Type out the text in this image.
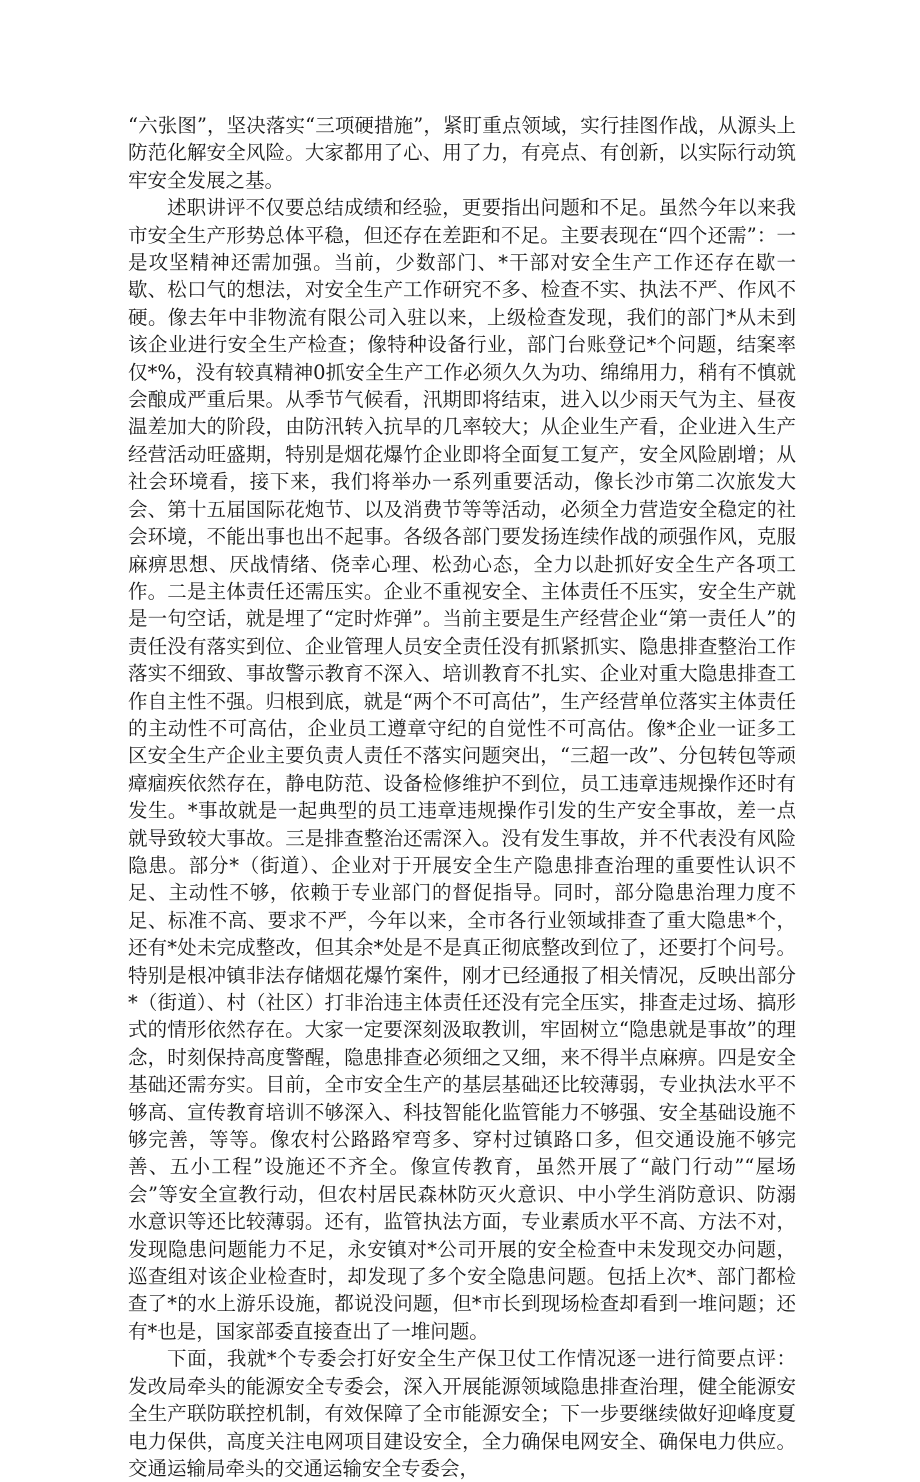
“六张图”，坚决落实“三项硬措施”，紧盯重点领域，实行挂图作战，从源头上防范化解安全风险。大家都用了心、用了力，有亮点、有创新，以实际行动筑牢安全发展之基。

述职讲评不仅要总结成绩和经验，更要指出问题和不足。虽然今年以来我市安全生产形势总体平稳，但还存在差距和不足。主要表现在“四个还需”：一是攻坚精神还需加强。当前，少数部门、*干部对安全生产工作还存在歇一歇、松口气的想法，对安全生产工作研究不多、检查不实、执法不严、作风不硬。像去年中非物流有限公司入驻以来，上级检查发现，我们的部门*从未到该企业进行安全生产检查；像特种设备行业，部门台账登记*个问题，结案率仅*%，没有较真精神0抓安全生产工作必须久久为功、绵绵用力，稍有不慎就会酿成严重后果。从季节气候看，汛期即将结束，进入以少雨天气为主、昼夜温差加大的阶段，由防汛转入抗旱的几率较大；从企业生产看，企业进入生产经营活动旺盛期，特别是烟花爆竹企业即将全面复工复产，安全风险剧增；从社会环境看，接下来，我们将举办一系列重要活动，像长沙市第二次旅发大会、第十五届国际花炮节、以及消费节等等活动，必须全力营造安全稳定的社会环境，不能出事也出不起事。各级各部门要发扬连续作战的顽强作风，克服麻痹思想、厌战情绪、侥幸心理、松劲心态，全力以赴抓好安全生产各项工作。二是主体责任还需压实。企业不重视安全、主体责任不压实，安全生产就是一句空话，就是埋了“定时炸弹”。当前主要是生产经营企业“第一责任人”的责任没有落实到位、企业管理人员安全责任没有抓紧抓实、隐患排查整治工作落实不细致、事故警示教育不深入、培训教育不扎实、企业对重大隐患排查工作自主性不强。归根到底，就是“两个不可高估”，生产经营单位落实主体责任的主动性不可高估，企业员工遵章守纪的自觉性不可高估。像*企业一证多工区安全生产企业主要负责人责任不落实问题突出，“三超一改”、分包转包等顽瘴痼疾依然存在，静电防范、设备检修维护不到位，员工违章违规操作还时有发生。*事故就是一起典型的员工违章违规操作引发的生产安全事故，差一点就导致较大事故。三是排查整治还需深入。没有发生事故，并不代表没有风险隐患。部分*（街道）、企业对于开展安全生产隐患排查治理的重要性认识不足、主动性不够，依赖于专业部门的督促指导。同时，部分隐患治理力度不足、标准不高、要求不严，今年以来，全市各行业领域排查了重大隐患*个，还有*处未完成整改，但其余*处是不是真正彻底整改到位了，还要打个问号。特别是根冲镇非法存储烟花爆竹案件，刚才已经通报了相关情况，反映出部分*（街道）、村（社区）打非治违主体责任还没有完全压实，排查走过场、搞形式的情形依然存在。大家一定要深刻汲取教训，牢固树立“隐患就是事故”的理念，时刻保持高度警醒，隐患排查必须细之又细，来不得半点麻痹。四是安全基础还需夯实。目前，全市安全生产的基层基础还比较薄弱，专业执法水平不够高、宣传教育培训不够深入、科技智能化监管能力不够强、安全基础设施不够完善，等等。像农村公路路窄弯多、穿村过镇路口多，但交通设施不够完善、五小工程”设施还不齐全。像宣传教育，虽然开展了“敲门行动”“屋场会”等安全宣教行动，但农村居民森林防灭火意识、中小学生消防意识、防溺水意识等还比较薄弱。还有，监管执法方面，专业素质水平不高、方法不对，发现隐患问题能力不足，永安镇对*公司开展的安全检查中未发现交办问题，巡查组对该企业检查时，却发现了多个安全隐患问题。包括上次*、部门都检查了*的水上游乐设施，都说没问题，但*市长到现场检查却看到一堆问题；还有*也是，国家部委直接查出了一堆问题。

下面，我就*个专委会打好安全生产保卫仗工作情况逐一进行简要点评：发改局牵头的能源安全专委会，深入开展能源领域隐患排查治理，健全能源安全生产联防联控机制，有效保障了全市能源安全；下一步要继续做好迎峰度夏电力保供，高度关注电网项目建设安全，全力确保电网安全、确保电力供应。交通运输局牵头的交通运输安全专委会，
